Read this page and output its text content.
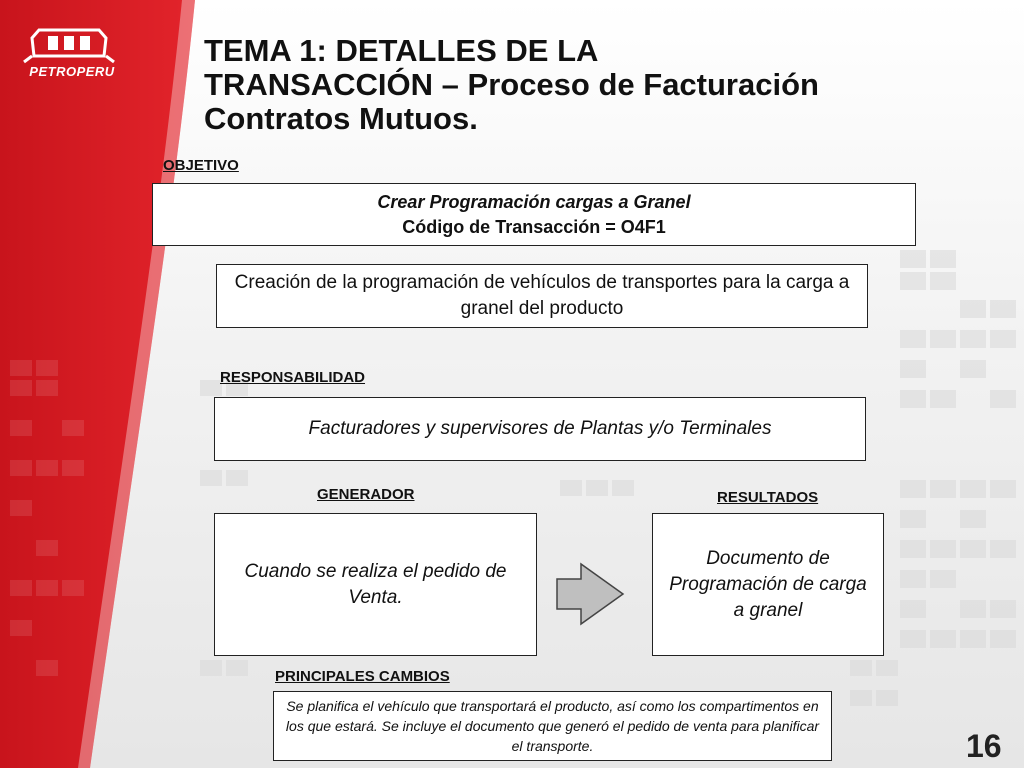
PETROPERU
TEMA 1: DETALLES DE LA
TRANSACCIÓN – Proceso de Facturación
Contratos Mutuos.
OBJETIVO
Crear Programación cargas a Granel
Código de Transacción = O4F1
Creación de la programación de vehículos de transportes para la carga a granel del producto
RESPONSABILIDAD
Facturadores y supervisores de Plantas y/o Terminales
GENERADOR
Cuando se realiza el pedido de Venta.
RESULTADOS
Documento de Programación de carga a granel
PRINCIPALES CAMBIOS
Se planifica el vehículo que transportará el producto, así como los compartimentos en los que estará. Se incluye el documento que generó el pedido de venta para planificar el transporte.	16
